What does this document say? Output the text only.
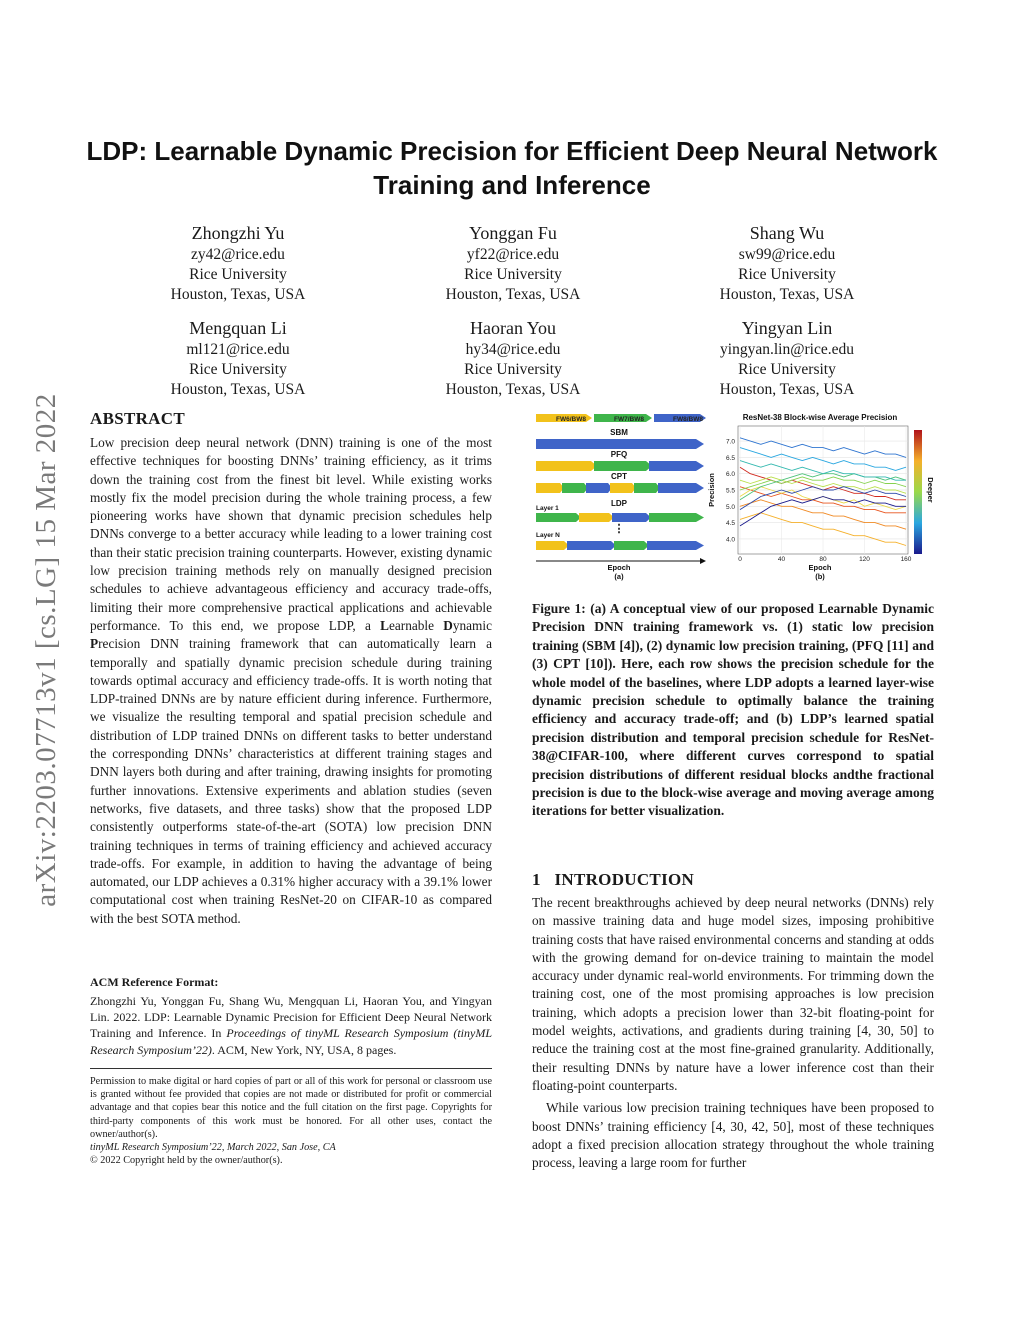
arXiv:2203.07713v1 [cs.LG] 15 Mar 2022
LDP: Learnable Dynamic Precision for Efficient Deep Neural Network Training and Inference
Zhongzhi Yu
zy42@rice.edu
Rice University
Houston, Texas, USA
Yonggan Fu
yf22@rice.edu
Rice University
Houston, Texas, USA
Shang Wu
sw99@rice.edu
Rice University
Houston, Texas, USA
Mengquan Li
ml121@rice.edu
Rice University
Houston, Texas, USA
Haoran You
hy34@rice.edu
Rice University
Houston, Texas, USA
Yingyan Lin
yingyan.lin@rice.edu
Rice University
Houston, Texas, USA
ABSTRACT

Low precision deep neural network (DNN) training is one of the most effective techniques for boosting DNNs’ training efficiency, as it trims down the training cost from the finest bit level. While existing works mostly fix the model precision during the whole training process, a few pioneering works have shown that dynamic precision schedules help DNNs converge to a better accuracy while leading to a lower training cost than their static precision training counterparts. However, existing dynamic low precision training methods rely on manually designed precision schedules to achieve advantageous efficiency and accuracy trade-offs, limiting their more comprehensive practical applications and achievable performance. To this end, we propose LDP, a Learnable Dynamic Precision DNN training framework that can automatically learn a temporally and spatially dynamic precision schedule during training towards optimal accuracy and efficiency trade-offs. It is worth noting that LDP-trained DNNs are by nature efficient during inference. Furthermore, we visualize the resulting temporal and spatial precision schedule and distribution of LDP trained DNNs on different tasks to better understand the corresponding DNNs’ characteristics at different training stages and DNN layers both during and after training, drawing insights for promoting further innovations. Extensive experiments and ablation studies (seven networks, five datasets, and three tasks) show that the proposed LDP consistently outperforms state-of-the-art (SOTA) low precision DNN training techniques in terms of training efficiency and achieved accuracy trade-offs. For example, in addition to having the advantage of being automated, our LDP achieves a 0.31% higher accuracy with a 39.1% lower computational cost when training ResNet-20 on CIFAR-10 as compared with the best SOTA method.

ACM Reference Format:
Zhongzhi Yu, Yonggan Fu, Shang Wu, Mengquan Li, Haoran You, and Yingyan Lin. 2022. LDP: Learnable Dynamic Precision for Efficient Deep Neural Network Training and Inference. In Proceedings of tinyML Research Symposium (tinyML Research Symposium’22). ACM, New York, NY, USA, 8 pages.
Permission to make digital or hard copies of part or all of this work for personal or classroom use is granted without fee provided that copies are not made or distributed for profit or commercial advantage and that copies bear this notice and the full citation on the first page. Copyrights for third-party components of this work must be honored. For all other uses, contact the owner/author(s).
tinyML Research Symposium’22, March 2022, San Jose, CA
© 2022 Copyright held by the owner/author(s).
FW6/BW8	FW7/BW8	FW8/BW8
SBM
PFQ
CPT
LDP
Layer 1
⋮
Layer N
Epoch
(a)
ResNet-38 Block-wise Average Precision
4.0
4.5
5.0
5.5
6.0
6.5
7.0
0	40	80	120	160
Precision
Epoch
(b)
Deeper
Figure 1: (a) A conceptual view of our proposed Learnable Dynamic Precision DNN training framework vs. (1) static low precision training (SBM [4]), (2) dynamic low precision training, (PFQ [11] and (3) CPT [10]). Here, each row shows the precision schedule for the whole model of the baselines, where LDP adopts a learned layer-wise dynamic precision schedule to optimally balance the training efficiency and accuracy trade-off; and (b) LDP’s learned spatial precision distribution and temporal precision schedule for ResNet-38@CIFAR-100, where different curves correspond to spatial precision distributions of different residual blocks andthe fractional precision is due to the block-wise average and moving average among iterations for better visualization.
1 INTRODUCTION

The recent breakthroughs achieved by deep neural networks (DNNs) rely on massive training data and huge model sizes, imposing prohibitive training costs that have raised environmental concerns and standing at odds with the growing demand for on-device training to maintain the model accuracy under dynamic real-world environments. For trimming down the training cost, one of the most promising approaches is low precision training, which adopts a precision lower than 32-bit floating-point for model weights, activations, and gradients during training [4, 30, 50] to reduce the training cost at the most fine-grained granularity. Additionally, their resulting DNNs by nature have a lower inference cost than their floating-point counterparts.

While various low precision training techniques have been proposed to boost DNNs’ training efficiency [4, 30, 42, 50], most of these techniques adopt a fixed precision allocation strategy throughout the whole training process, leaving a large room for further
